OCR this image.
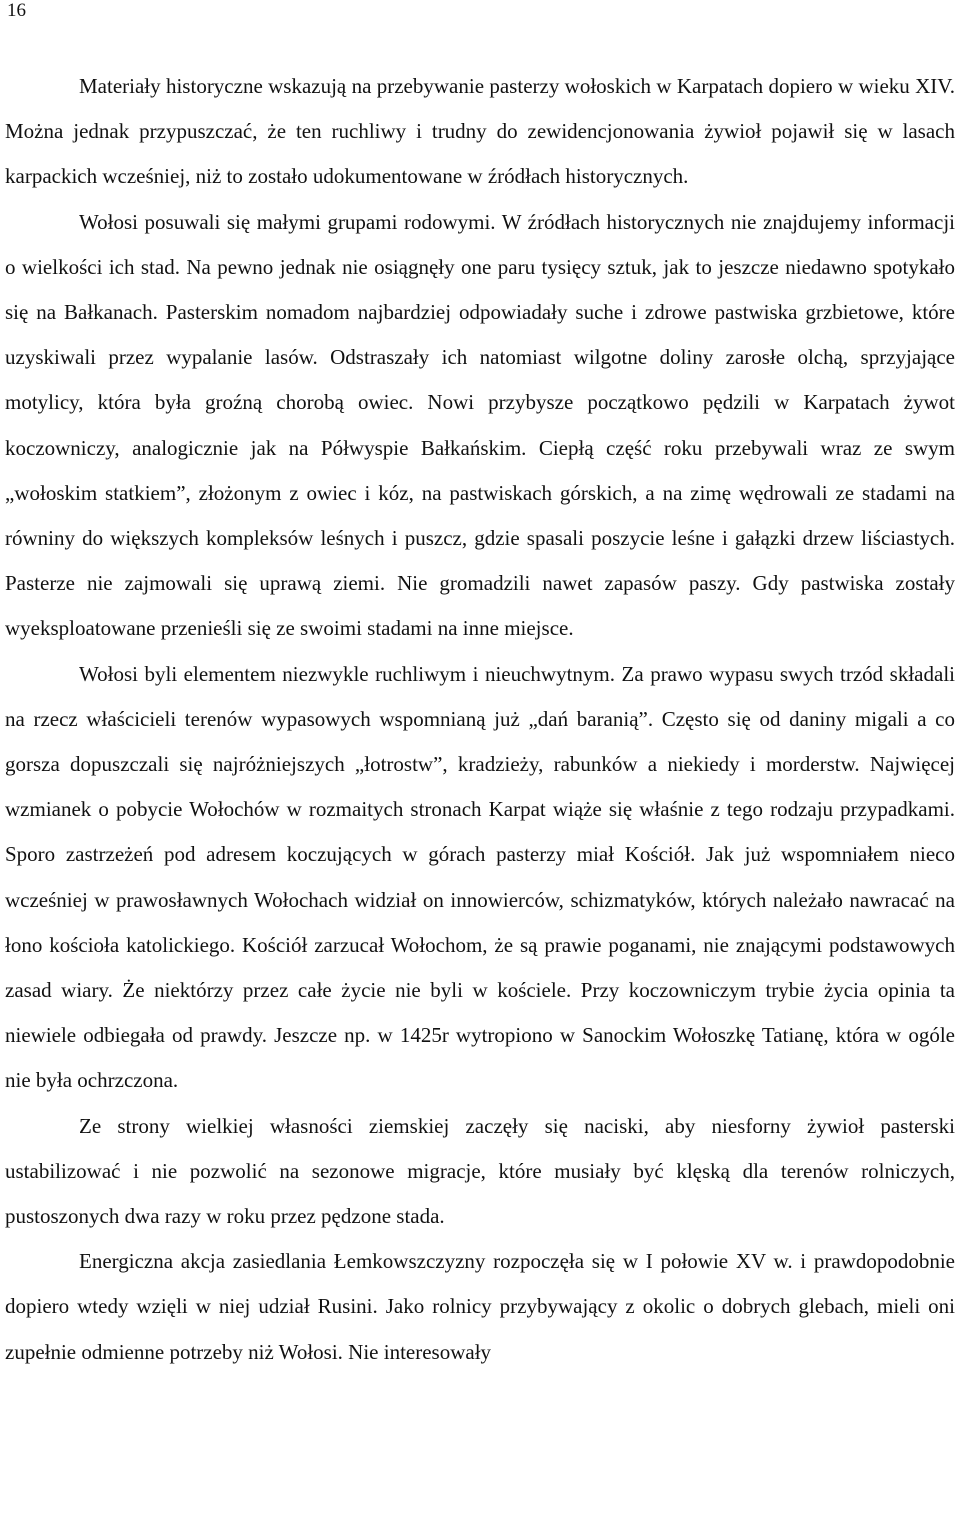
16

Materiały historyczne wskazują na przebywanie pasterzy wołoskich w Karpatach dopiero w wieku XIV. Można jednak przypuszczać, że ten ruchliwy i trudny do zewidencjonowania żywioł pojawił się w lasach karpackich wcześniej, niż to zostało udokumentowane w źródłach historycznych.

Wołosi posuwali się małymi grupami rodowymi. W źródłach historycznych nie znajdujemy informacji o wielkości ich stad. Na pewno jednak nie osiągnęły one paru tysięcy sztuk, jak to jeszcze niedawno spotykało się na Bałkanach. Pasterskim nomadom najbardziej odpowiadały suche i zdrowe pastwiska grzbietowe, które uzyskiwali przez wypalanie lasów. Odstraszały ich natomiast wilgotne doliny zarosłe olchą, sprzyjające motylicy, która była groźną chorobą owiec. Nowi przybysze początkowo pędzili w Karpatach żywot koczowniczy, analogicznie jak na Półwyspie Bałkańskim. Ciepłą część roku przebywali wraz ze swym „wołoskim statkiem”, złożonym z owiec i kóz, na pastwiskach górskich, a na zimę wędrowali ze stadami na równiny do większych kompleksów leśnych i puszcz, gdzie spasali poszycie leśne i gałązki drzew liściastych. Pasterze nie zajmowali się uprawą ziemi. Nie gromadzili nawet zapasów paszy. Gdy pastwiska zostały wyeksploatowane przenieśli się ze swoimi stadami na inne miejsce.

Wołosi byli elementem niezwykle ruchliwym i nieuchwytnym. Za prawo wypasu swych trzód składali na rzecz właścicieli terenów wypasowych wspomnianą już „dań baranią”. Często się od daniny migali a co gorsza dopuszczali się najróżniejszych „łotrostw”, kradzieży, rabunków a niekiedy i morderstw. Najwięcej wzmianek o pobycie Wołochów w rozmaitych stronach Karpat wiąże się właśnie z tego rodzaju przypadkami. Sporo zastrzeżeń pod adresem koczujących w górach pasterzy miał Kościół. Jak już wspomniałem nieco wcześniej w prawosławnych Wołochach widział on innowierców, schizmatyków, których należało nawracać na łono kościoła katolickiego. Kościół zarzucał Wołochom, że są prawie poganami, nie znającymi podstawowych zasad wiary. Że niektórzy przez całe życie nie byli w kościele. Przy koczowniczym trybie życia opinia ta niewiele odbiegała od prawdy. Jeszcze np. w 1425r wytropiono w Sanockim Wołoszkę Tatianę, która w ogóle nie była ochrzczona.

Ze strony wielkiej własności ziemskiej zaczęły się naciski, aby niesforny żywioł pasterski ustabilizować i nie pozwolić na sezonowe migracje, które musiały być klęską dla terenów rolniczych, pustoszonych dwa razy w roku przez pędzone stada.

Energiczna akcja zasiedlania Łemkowszczyzny rozpoczęła się w I połowie XV w. i prawdopodobnie dopiero wtedy wzięli w niej udział Rusini. Jako rolnicy przybywający z okolic o dobrych glebach, mieli oni zupełnie odmienne potrzeby niż Wołosi. Nie interesowały
